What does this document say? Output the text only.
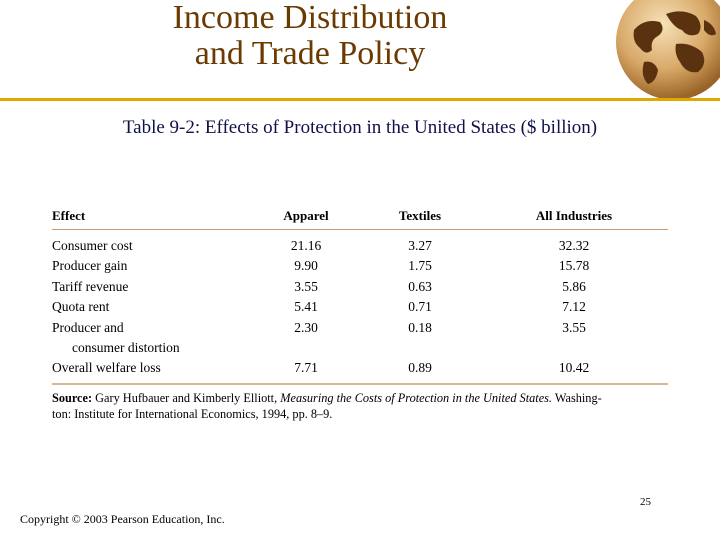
Income Distribution
and Trade Policy
Table 9-2: Effects of Protection in the United States ($ billion)
Effect	Apparel	Textiles	All Industries
Consumer cost	21.16	3.27	32.32
Producer gain	9.90	1.75	15.78
Tariff revenue	3.55	0.63	5.86
Quota rent	5.41	0.71	7.12
Producer and	2.30	0.18	3.55
consumer distortion			
Overall welfare loss	7.71	0.89	10.42
Source: Gary Hufbauer and Kimberly Elliott, Measuring the Costs of Protection in the United States. Washing-
ton: Institute for International Economics, 1994, pp. 8–9.
25
Copyright © 2003 Pearson Education, Inc.
